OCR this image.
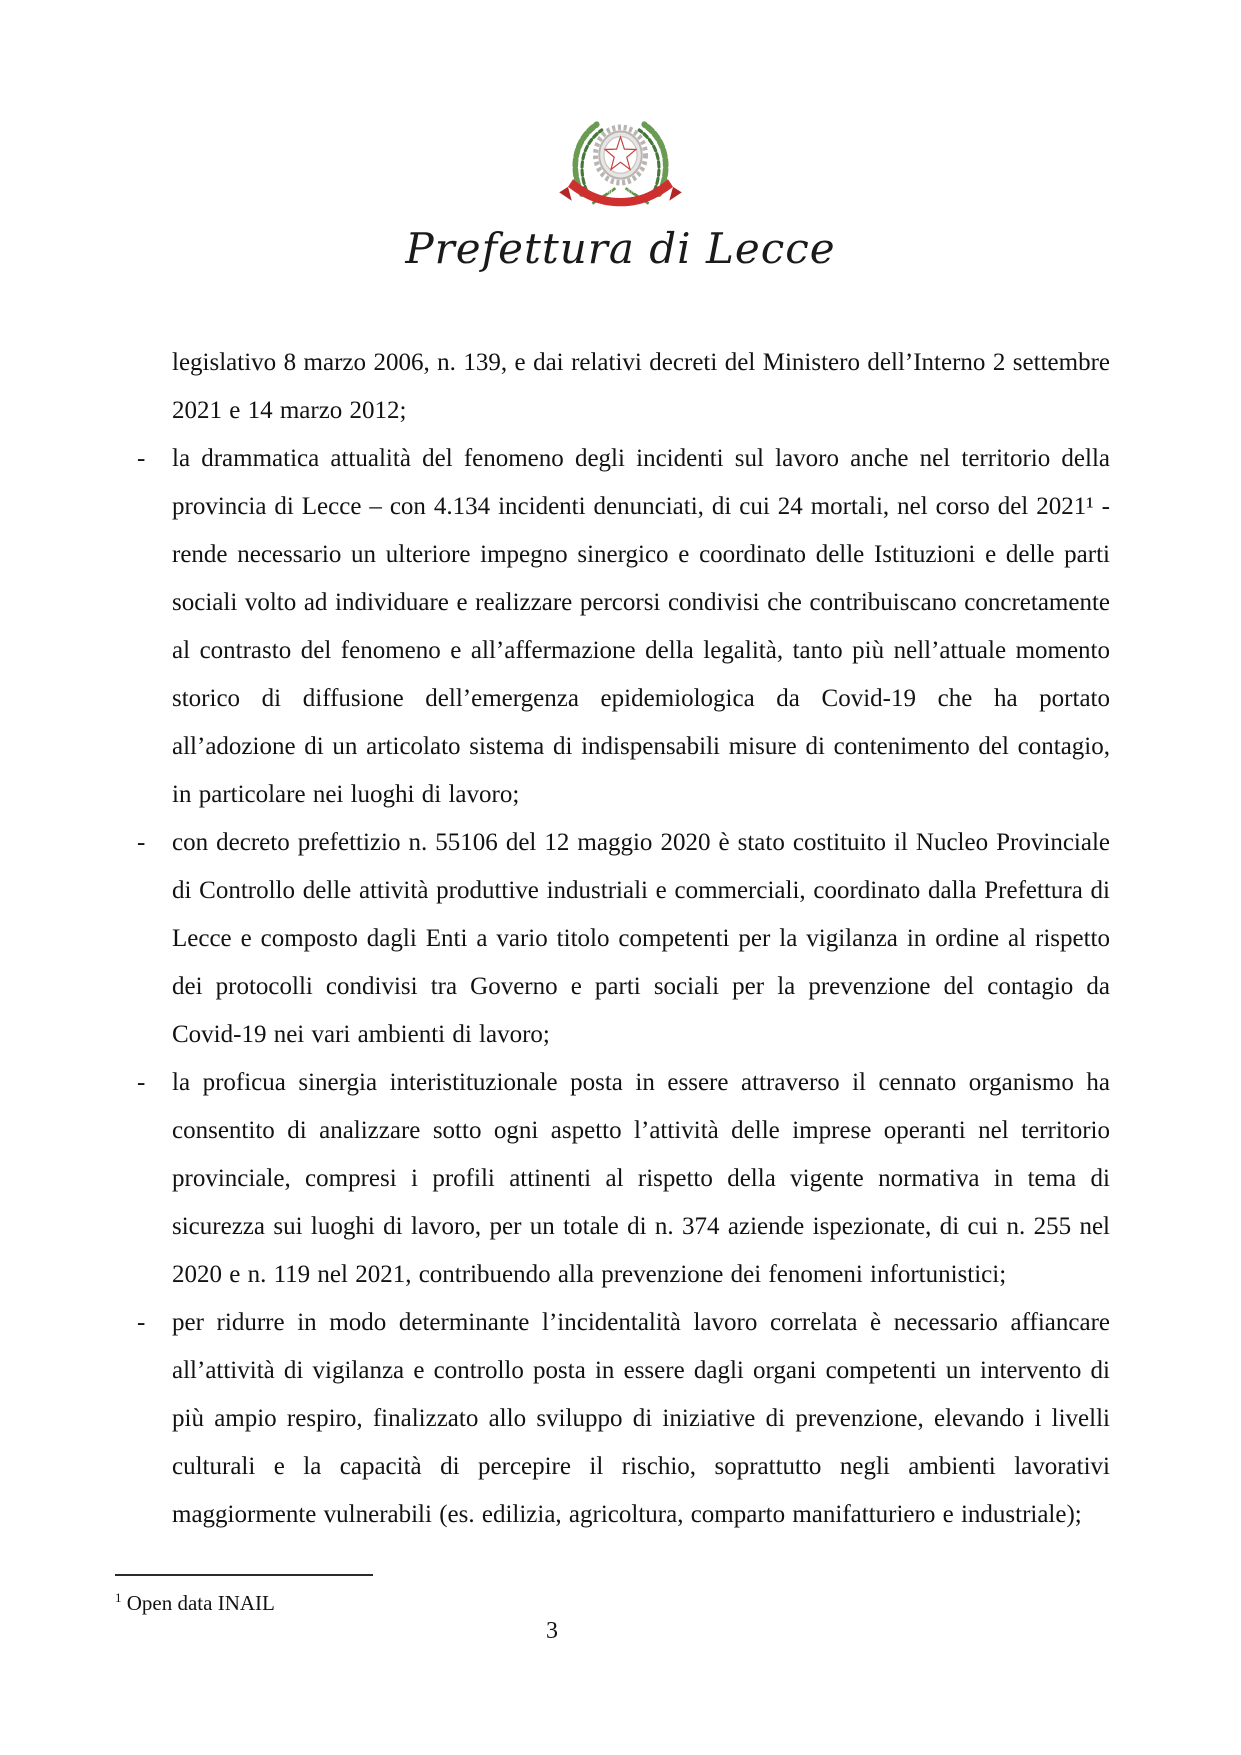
REPVBBLICA ITALIANA
Prefettura di Lecce
legislativo 8 marzo 2006, n. 139, e dai relativi decreti del Ministero dell’Interno 2 settembre 2021 e 14 marzo 2012;
-	la drammatica attualità del fenomeno degli incidenti sul lavoro anche nel territorio della provincia di Lecce – con 4.134 incidenti denunciati, di cui 24 mortali, nel corso del 2021¹ - rende necessario un ulteriore impegno sinergico e coordinato delle Istituzioni e delle parti sociali volto ad individuare e realizzare percorsi condivisi che contribuiscano concretamente al contrasto del fenomeno e all’affermazione della legalità, tanto più nell’attuale momento storico di diffusione dell’emergenza epidemiologica da Covid-19 che ha portato all’adozione di un articolato sistema di indispensabili misure di contenimento del contagio, in particolare nei luoghi di lavoro;
-	con decreto prefettizio n. 55106 del 12 maggio 2020 è stato costituito il Nucleo Provinciale di Controllo delle attività produttive industriali e commerciali, coordinato dalla Prefettura di Lecce e composto dagli Enti a vario titolo competenti per la vigilanza in ordine al rispetto dei protocolli condivisi tra Governo e parti sociali per la prevenzione del contagio da Covid-19 nei vari ambienti di lavoro;
-	la proficua sinergia interistituzionale posta in essere attraverso il cennato organismo ha consentito di analizzare sotto ogni aspetto l’attività delle imprese operanti nel territorio provinciale, compresi i profili attinenti al rispetto della vigente normativa in tema di sicurezza sui luoghi di lavoro, per un totale di n. 374 aziende ispezionate, di cui n. 255 nel 2020 e n. 119 nel 2021, contribuendo alla prevenzione dei fenomeni infortunistici;
-	per ridurre in modo determinante l’incidentalità lavoro correlata è necessario affiancare all’attività di vigilanza e controllo posta in essere dagli organi competenti un intervento di più ampio respiro, finalizzato allo sviluppo di iniziative di prevenzione, elevando i livelli culturali e la capacità di percepire il rischio, soprattutto negli ambienti lavorativi maggiormente vulnerabili (es. edilizia, agricoltura, comparto manifatturiero e industriale);
$^1$ Open data INAIL
3
